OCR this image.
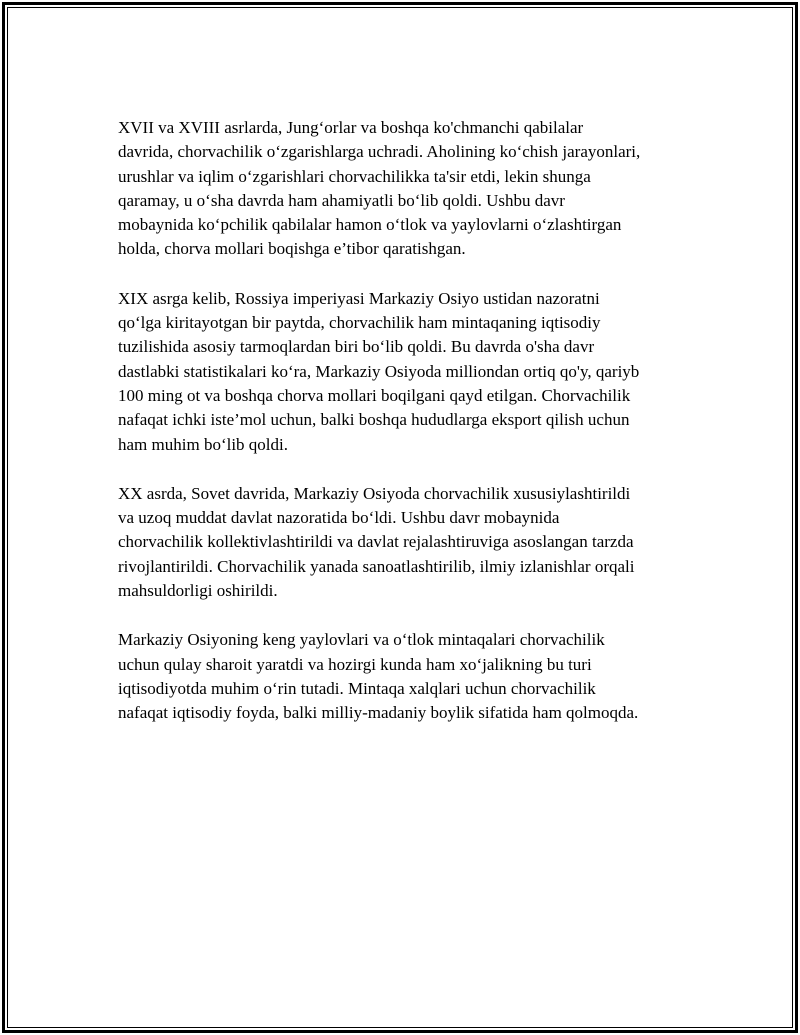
XVII va XVIII asrlarda, Jung‘orlar va boshqa ko'chmanchi qabilalar
davrida, chorvachilik o‘zgarishlarga uchradi. Aholining ko‘chish jarayonlari,
urushlar va iqlim o‘zgarishlari chorvachilikka ta'sir etdi, lekin shunga
qaramay, u o‘sha davrda ham ahamiyatli bo‘lib qoldi. Ushbu davr
mobaynida ko‘pchilik qabilalar hamon o‘tlok va yaylovlarni o‘zlashtirgan
holda, chorva mollari boqishga e’tibor qaratishgan.

XIX asrga kelib, Rossiya imperiyasi Markaziy Osiyo ustidan nazoratni
qo‘lga kiritayotgan bir paytda, chorvachilik ham mintaqaning iqtisodiy
tuzilishida asosiy tarmoqlardan biri bo‘lib qoldi. Bu davrda o'sha davr
dastlabki statistikalari ko‘ra, Markaziy Osiyoda milliondan ortiq qo'y, qariyb
100 ming ot va boshqa chorva mollari boqilgani qayd etilgan. Chorvachilik
nafaqat ichki iste’mol uchun, balki boshqa hududlarga eksport qilish uchun
ham muhim bo‘lib qoldi.

XX asrda, Sovet davrida, Markaziy Osiyoda chorvachilik xususiylashtirildi
va uzoq muddat davlat nazoratida bo‘ldi. Ushbu davr mobaynida
chorvachilik kollektivlashtirildi va davlat rejalashtiruviga asoslangan tarzda
rivojlantirildi. Chorvachilik yanada sanoatlashtirilib, ilmiy izlanishlar orqali
mahsuldorligi oshirildi.

Markaziy Osiyoning keng yaylovlari va o‘tlok mintaqalari chorvachilik
uchun qulay sharoit yaratdi va hozirgi kunda ham xo‘jalikning bu turi
iqtisodiyotda muhim o‘rin tutadi. Mintaqa xalqlari uchun chorvachilik
nafaqat iqtisodiy foyda, balki milliy-madaniy boylik sifatida ham qolmoqda.
